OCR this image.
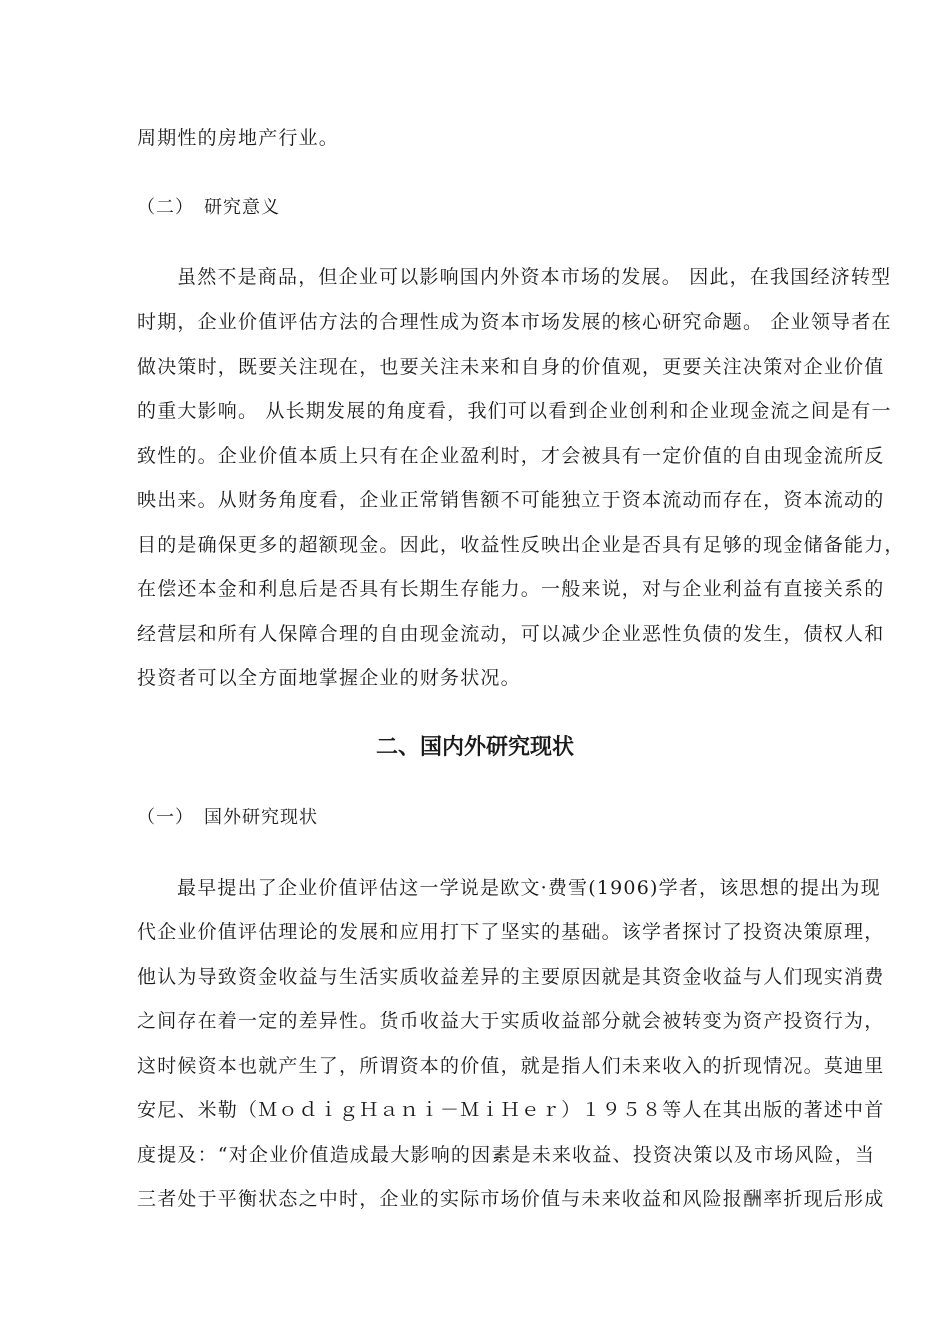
周期性的房地产行业。
（二）　研究意义
虽然不是商品，但企业可以影响国内外资本市场的发展。 因此，在我国经济转型
时期，企业价值评估方法的合理性成为资本市场发展的核心研究命题。 企业领导者在
做决策时，既要关注现在，也要关注未来和自身的价值观，更要关注决策对企业价值
的重大影响。 从长期发展的角度看，我们可以看到企业创利和企业现金流之间是有一
致性的。企业价值本质上只有在企业盈利时，才会被具有一定价值的自由现金流所反
映出来。从财务角度看，企业正常销售额不可能独立于资本流动而存在，资本流动的
目的是确保更多的超额现金。因此，收益性反映出企业是否具有足够的现金储备能力，
在偿还本金和利息后是否具有长期生存能力。一般来说，对与企业利益有直接关系的
经营层和所有人保障合理的自由现金流动，可以减少企业恶性负债的发生，债权人和
投资者可以全方面地掌握企业的财务状况。
二、国内外研究现状
（一）　国外研究现状
最早提出了企业价值评估这一学说是欧文·费雪(1906)学者，该思想的提出为现
代企业价值评估理论的发展和应用打下了坚实的基础。该学者探讨了投资决策原理，
他认为导致资金收益与生活实质收益差异的主要原因就是其资金收益与人们现实消费
之间存在着一定的差异性。货币收益大于实质收益部分就会被转变为资产投资行为，
这时候资本也就产生了，所谓资本的价值，就是指人们未来收入的折现情况。莫迪里
安尼、米勒（ＭｏｄｉｇＨａｎｉ－ＭｉＨｅｒ）１９５８等人在其出版的著述中首
度提及：“对企业价值造成最大影响的因素是未来收益、投资决策以及市场风险，当
三者处于平衡状态之中时，企业的实际市场价值与未来收益和风险报酬率折现后形成
